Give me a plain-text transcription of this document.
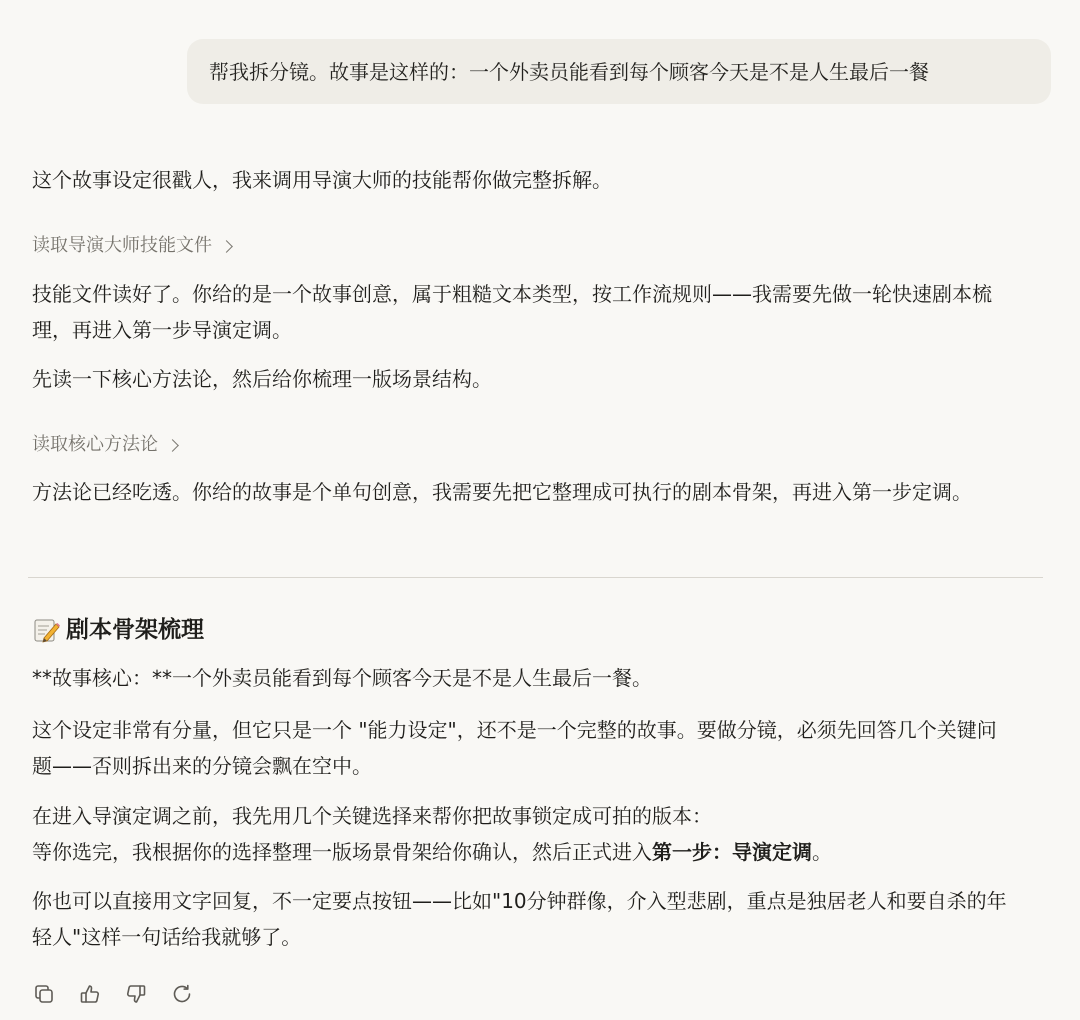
帮我拆分镜。故事是这样的：一个外卖员能看到每个顾客今天是不是人生最后一餐

这个故事设定很戳人，我来调用导演大师的技能帮你做完整拆解。

读取导演大师技能文件

技能文件读好了。你给的是一个故事创意，属于粗糙文本类型，按工作流规则——我需要先做一轮快速剧本梳理，再进入第一步导演定调。

先读一下核心方法论，然后给你梳理一版场景结构。

读取核心方法论

方法论已经吃透。你给的故事是个单句创意，我需要先把它整理成可执行的剧本骨架，再进入第一步定调。

剧本骨架梳理

**故事核心：**一个外卖员能看到每个顾客今天是不是人生最后一餐。

这个设定非常有分量，但它只是一个 "能力设定"，还不是一个完整的故事。要做分镜，必须先回答几个关键问题——否则拆出来的分镜会飘在空中。

在进入导演定调之前，我先用几个关键选择来帮你把故事锁定成可拍的版本：
等你选完，我根据你的选择整理一版场景骨架给你确认，然后正式进入第一步：导演定调。

你也可以直接用文字回复，不一定要点按钮——比如"10分钟群像，介入型悲剧，重点是独居老人和要自杀的年轻人"这样一句话给我就够了。
